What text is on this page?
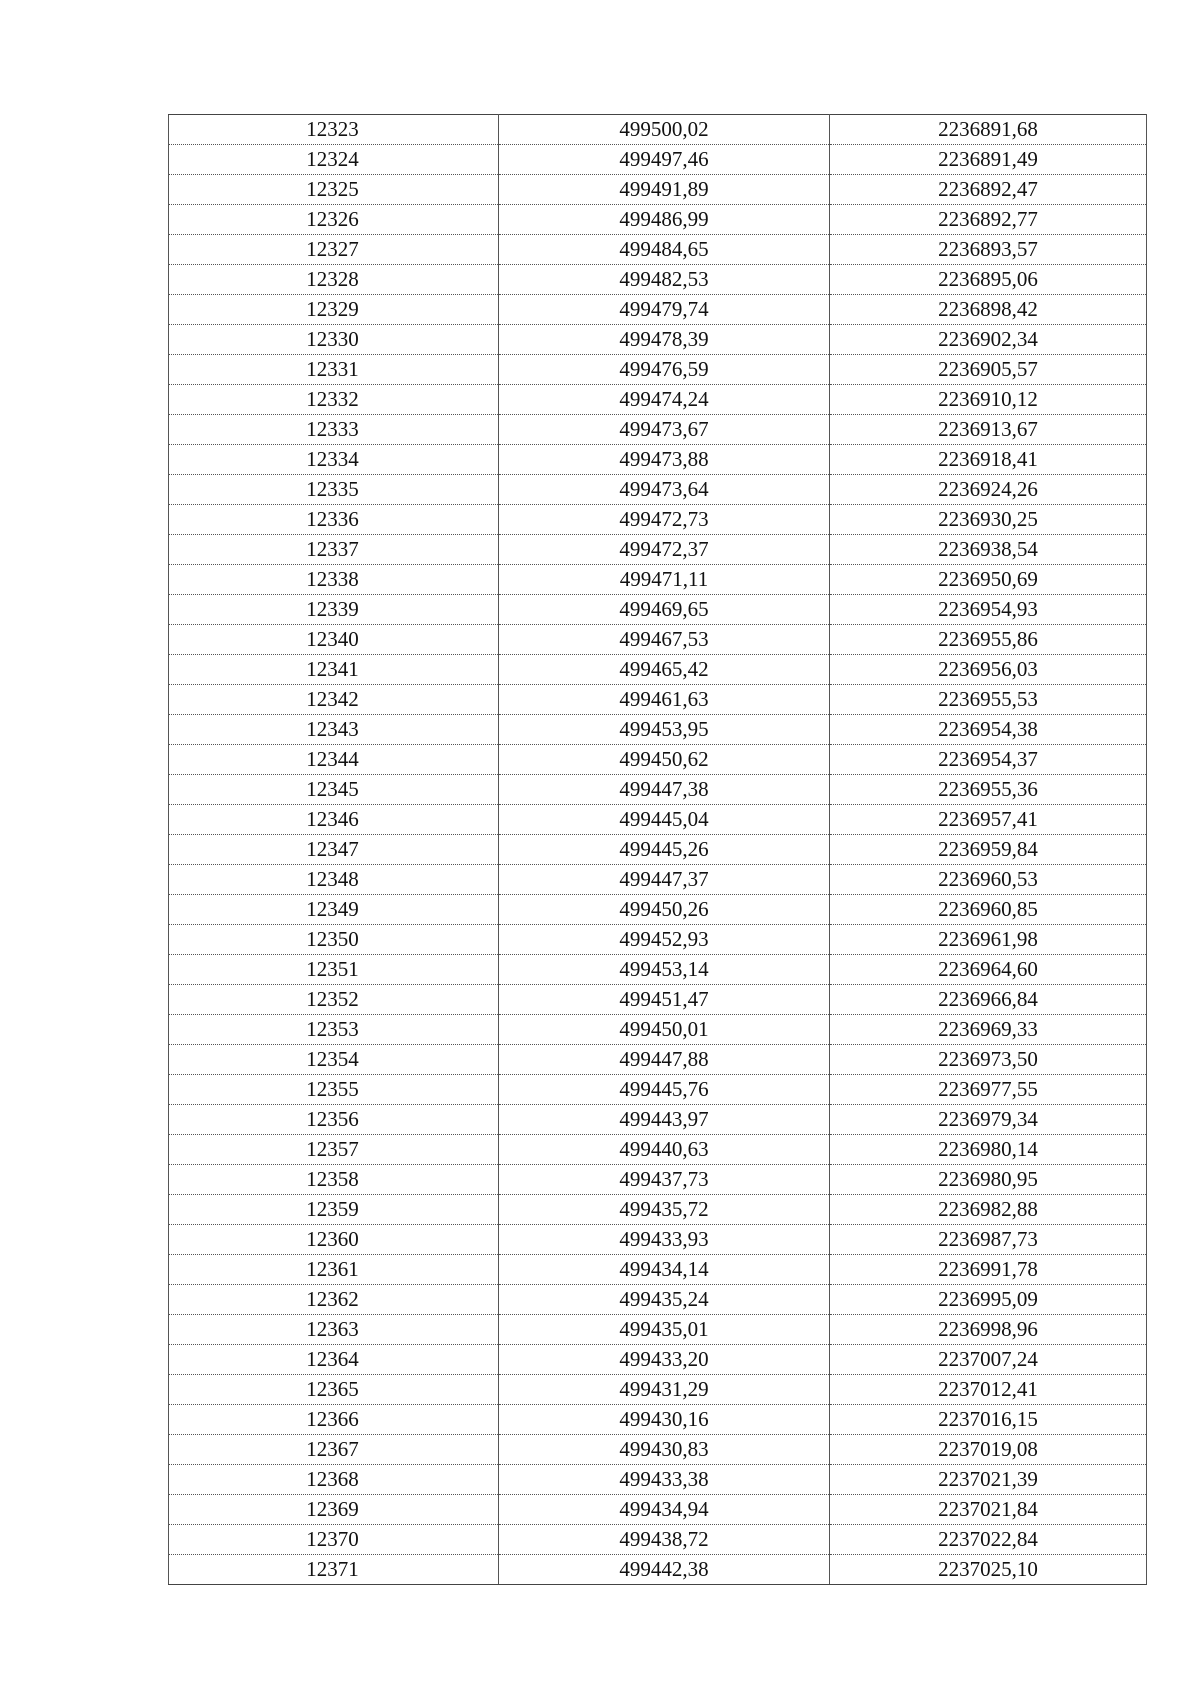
12323	499500,02	2236891,68
12324	499497,46	2236891,49
12325	499491,89	2236892,47
12326	499486,99	2236892,77
12327	499484,65	2236893,57
12328	499482,53	2236895,06
12329	499479,74	2236898,42
12330	499478,39	2236902,34
12331	499476,59	2236905,57
12332	499474,24	2236910,12
12333	499473,67	2236913,67
12334	499473,88	2236918,41
12335	499473,64	2236924,26
12336	499472,73	2236930,25
12337	499472,37	2236938,54
12338	499471,11	2236950,69
12339	499469,65	2236954,93
12340	499467,53	2236955,86
12341	499465,42	2236956,03
12342	499461,63	2236955,53
12343	499453,95	2236954,38
12344	499450,62	2236954,37
12345	499447,38	2236955,36
12346	499445,04	2236957,41
12347	499445,26	2236959,84
12348	499447,37	2236960,53
12349	499450,26	2236960,85
12350	499452,93	2236961,98
12351	499453,14	2236964,60
12352	499451,47	2236966,84
12353	499450,01	2236969,33
12354	499447,88	2236973,50
12355	499445,76	2236977,55
12356	499443,97	2236979,34
12357	499440,63	2236980,14
12358	499437,73	2236980,95
12359	499435,72	2236982,88
12360	499433,93	2236987,73
12361	499434,14	2236991,78
12362	499435,24	2236995,09
12363	499435,01	2236998,96
12364	499433,20	2237007,24
12365	499431,29	2237012,41
12366	499430,16	2237016,15
12367	499430,83	2237019,08
12368	499433,38	2237021,39
12369	499434,94	2237021,84
12370	499438,72	2237022,84
12371	499442,38	2237025,10
